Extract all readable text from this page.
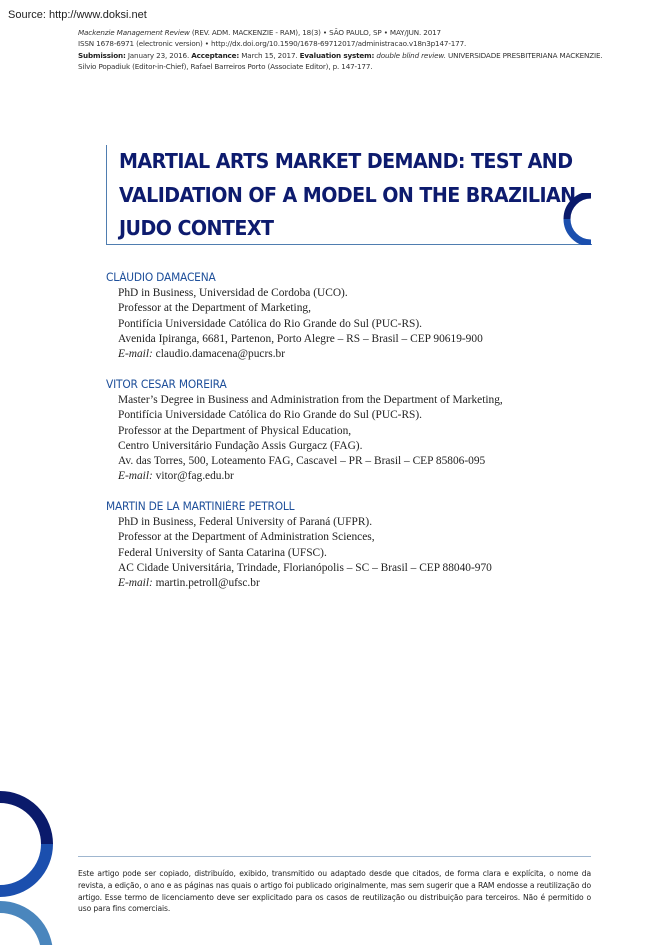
Source: http://www.doksi.net
Mackenzie Management Review (REV. ADM. MACKENZIE - RAM), 18(3) • SÃO PAULO, SP • MAY/JUN. 2017
ISSN 1678-6971 (electronic version) • http://dx.doi.org/10.1590/1678-69712017/administracao.v18n3p147-177.
Submission: January 23, 2016. Acceptance: March 15, 2017. Evaluation system: double blind review. UNIVERSIDADE PRESBITERIANA MACKENZIE.
Silvio Popadiuk (Editor-in-Chief), Rafael Barreiros Porto (Associate Editor), p. 147-177.
MARTIAL ARTS MARKET DEMAND: TEST AND
VALIDATION OF A MODEL ON THE BRAZILIAN
JUDO CONTEXT
CLÁUDIO DAMACENA
PhD in Business, Universidad de Cordoba (UCO).
Professor at the Department of Marketing,
Pontifícia Universidade Católica do Rio Grande do Sul (PUC-RS).
Avenida Ipiranga, 6681, Partenon, Porto Alegre – RS – Brasil – CEP 90619-900
E-mail: claudio.damacena@pucrs.br
VITOR CESAR MOREIRA
Master’s Degree in Business and Administration from the Department of Marketing,
Pontifícia Universidade Católica do Rio Grande do Sul (PUC-RS).
Professor at the Department of Physical Education,
Centro Universitário Fundação Assis Gurgacz (FAG).
Av. das Torres, 500, Loteamento FAG, Cascavel – PR – Brasil – CEP 85806-095
E-mail: vitor@fag.edu.br
MARTIN DE LA MARTINIÈRE PETROLL
PhD in Business, Federal University of Paraná (UFPR).
Professor at the Department of Administration Sciences,
Federal University of Santa Catarina (UFSC).
AC Cidade Universitária, Trindade, Florianópolis – SC – Brasil – CEP 88040-970
E-mail: martin.petroll@ufsc.br
Este artigo pode ser copiado, distribuído, exibido, transmitido ou adaptado desde que citados, de forma clara e explícita, o nome da revista, a edição, o ano e as páginas nas quais o artigo foi publicado originalmente, mas sem sugerir que a RAM endosse a reutilização do artigo. Esse termo de licenciamento deve ser explicitado para os casos de reutilização ou distribuição para terceiros. Não é permitido o uso para fins comerciais.
